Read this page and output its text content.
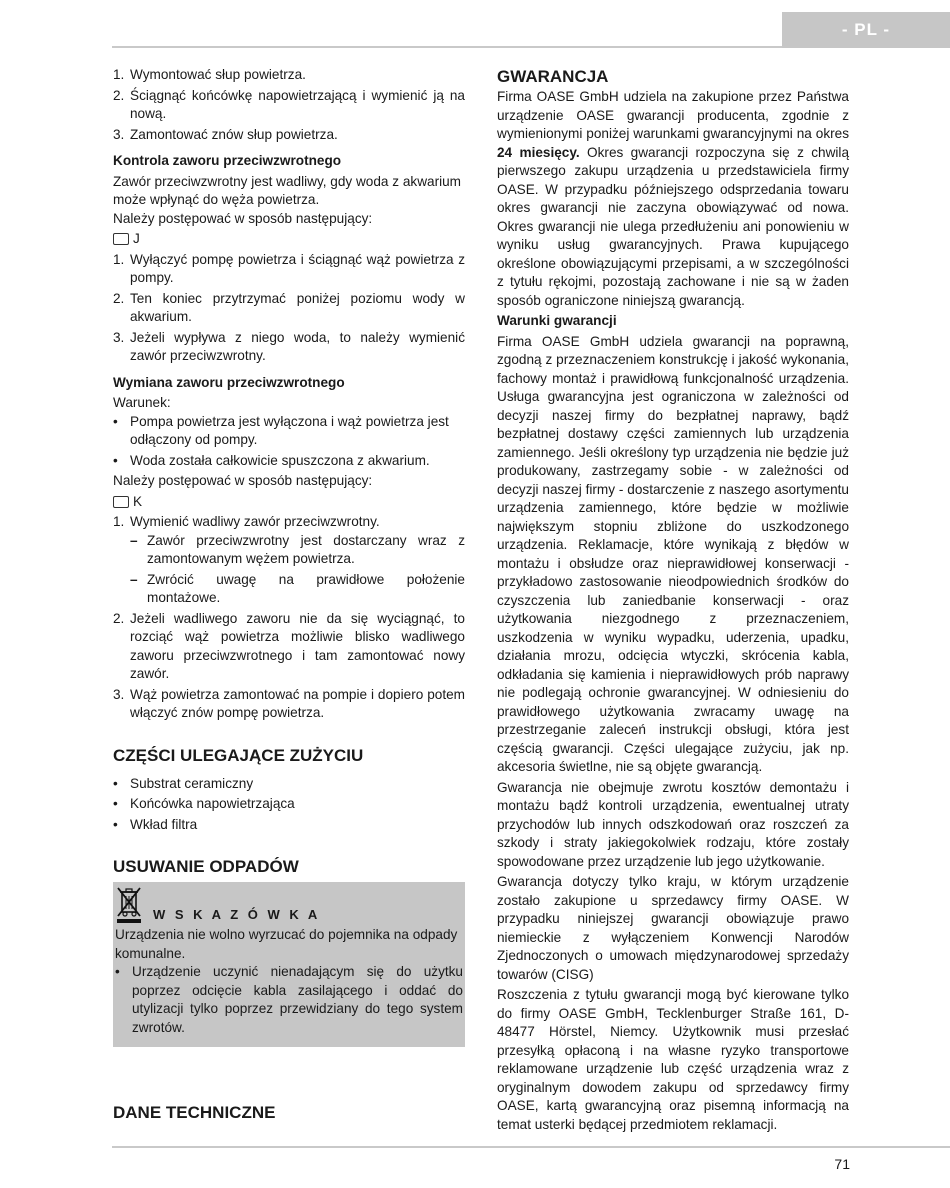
- PL -
1. Wymontować słup powietrza.
2. Ściągnąć końcówkę napowietrzającą i wymienić ją na nową.
3. Zamontować znów słup powietrza.

Kontrola zaworu przeciwzwrotnego

Zawór przeciwzwrotny jest wadliwy, gdy woda z akwarium może wpłynąć do węża powietrza.

Należy postępować w sposób następujący:

J
1. Wyłączyć pompę powietrza i ściągnąć wąż powietrza z pompy.
2. Ten koniec przytrzymać poniżej poziomu wody w akwarium.
3. Jeżeli wypływa z niego woda, to należy wymienić zawór przeciwzwrotny.

Wymiana zaworu przeciwzwrotnego

Warunek:

• Pompa powietrza jest wyłączona i wąż powietrza jest odłączony od pompy.
• Woda została całkowicie spuszczona z akwarium.

Należy postępować w sposób następujący:

K
1. Wymienić wadliwy zawór przeciwzwrotny.
– Zawór przeciwzwrotny jest dostarczany wraz z zamontowanym wężem powietrza.
– Zwrócić uwagę na prawidłowe położenie montażowe.
2. Jeżeli wadliwego zaworu nie da się wyciągnąć, to rozciąć wąż powietrza możliwie blisko wadliwego zaworu przeciwzwrotnego i tam zamontować nowy zawór.
3. Wąż powietrza zamontować na pompie i dopiero potem włączyć znów pompę powietrza.

CZĘŚCI ULEGAJĄCE ZUŻYCIU

• Substrat ceramiczny
• Końcówka napowietrzająca
• Wkład filtra

USUWANIE ODPADÓW

W S K A Z Ó W K A

Urządzenia nie wolno wyrzucać do pojemnika na odpady komunalne.

• Urządzenie uczynić nienadającym się do użytku poprzez odcięcie kabla zasilającego i oddać do utylizacji tylko poprzez przewidziany do tego system zwrotów.

DANE TECHNICZNE

GWARANCJA

Firma OASE GmbH udziela na zakupione przez Państwa urządzenie OASE gwarancji producenta, zgodnie z wymienionymi poniżej warunkami gwarancyjnymi na okres 24 miesięcy. Okres gwarancji rozpoczyna się z chwilą pierwszego zakupu urządzenia u przedstawiciela firmy OASE. W przypadku późniejszego odsprzedania towaru okres gwarancji nie zaczyna obowiązywać od nowa. Okres gwarancji nie ulega przedłużeniu ani ponowieniu w wyniku usług gwarancyjnych. Prawa kupującego określone obowiązującymi przepisami, a w szczególności z tytułu rękojmi, pozostają zachowane i nie są w żaden sposób ograniczone niniejszą gwarancją.

Warunki gwarancji

Firma OASE GmbH udziela gwarancji na poprawną, zgodną z przeznaczeniem konstrukcję i jakość wykonania, fachowy montaż i prawidłową funkcjonalność urządzenia. Usługa gwarancyjna jest ograniczona w zależności od decyzji naszej firmy do bezpłatnej naprawy, bądź bezpłatnej dostawy części zamiennych lub urządzenia zamiennego. Jeśli określony typ urządzenia nie będzie już produkowany, zastrzegamy sobie - w zależności od decyzji naszej firmy - dostarczenie z naszego asortymentu urządzenia zamiennego, które będzie w możliwie największym stopniu zbliżone do uszkodzonego urządzenia. Reklamacje, które wynikają z błędów w montażu i obsłudze oraz nieprawidłowej konserwacji - przykładowo zastosowanie nieodpowiednich środków do czyszczenia lub zaniedbanie konserwacji - oraz użytkowania niezgodnego z przeznaczeniem, uszkodzenia w wyniku wypadku, uderzenia, upadku, działania mrozu, odcięcia wtyczki, skrócenia kabla, odkładania się kamienia i nieprawidłowych prób naprawy nie podlegają ochronie gwarancyjnej. W odniesieniu do prawidłowego użytkowania zwracamy uwagę na przestrzeganie zaleceń instrukcji obsługi, która jest częścią gwarancji. Części ulegające zużyciu, jak np. akcesoria świetlne, nie są objęte gwarancją.

Gwarancja nie obejmuje zwrotu kosztów demontażu i montażu bądź kontroli urządzenia, ewentualnej utraty przychodów lub innych odszkodowań oraz roszczeń za szkody i straty jakiegokolwiek rodzaju, które zostały spowodowane przez urządzenie lub jego użytkowanie.

Gwarancja dotyczy tylko kraju, w którym urządzenie zostało zakupione u sprzedawcy firmy OASE. W przypadku niniejszej gwarancji obowiązuje prawo niemieckie z wyłączeniem Konwencji Narodów Zjednoczonych o umowach międzynarodowej sprzedaży towarów (CISG)

Roszczenia z tytułu gwarancji mogą być kierowane tylko do firmy OASE GmbH, Tecklenburger Straße 161, D-48477 Hörstel, Niemcy. Użytkownik musi przesłać przesyłką opłaconą i na własne ryzyko transportowe reklamowane urządzenie lub część urządzenia wraz z oryginalnym dowodem zakupu od sprzedawcy firmy OASE, kartą gwarancyjną oraz pisemną informacją na temat usterki będącej przedmiotem reklamacji.

71
